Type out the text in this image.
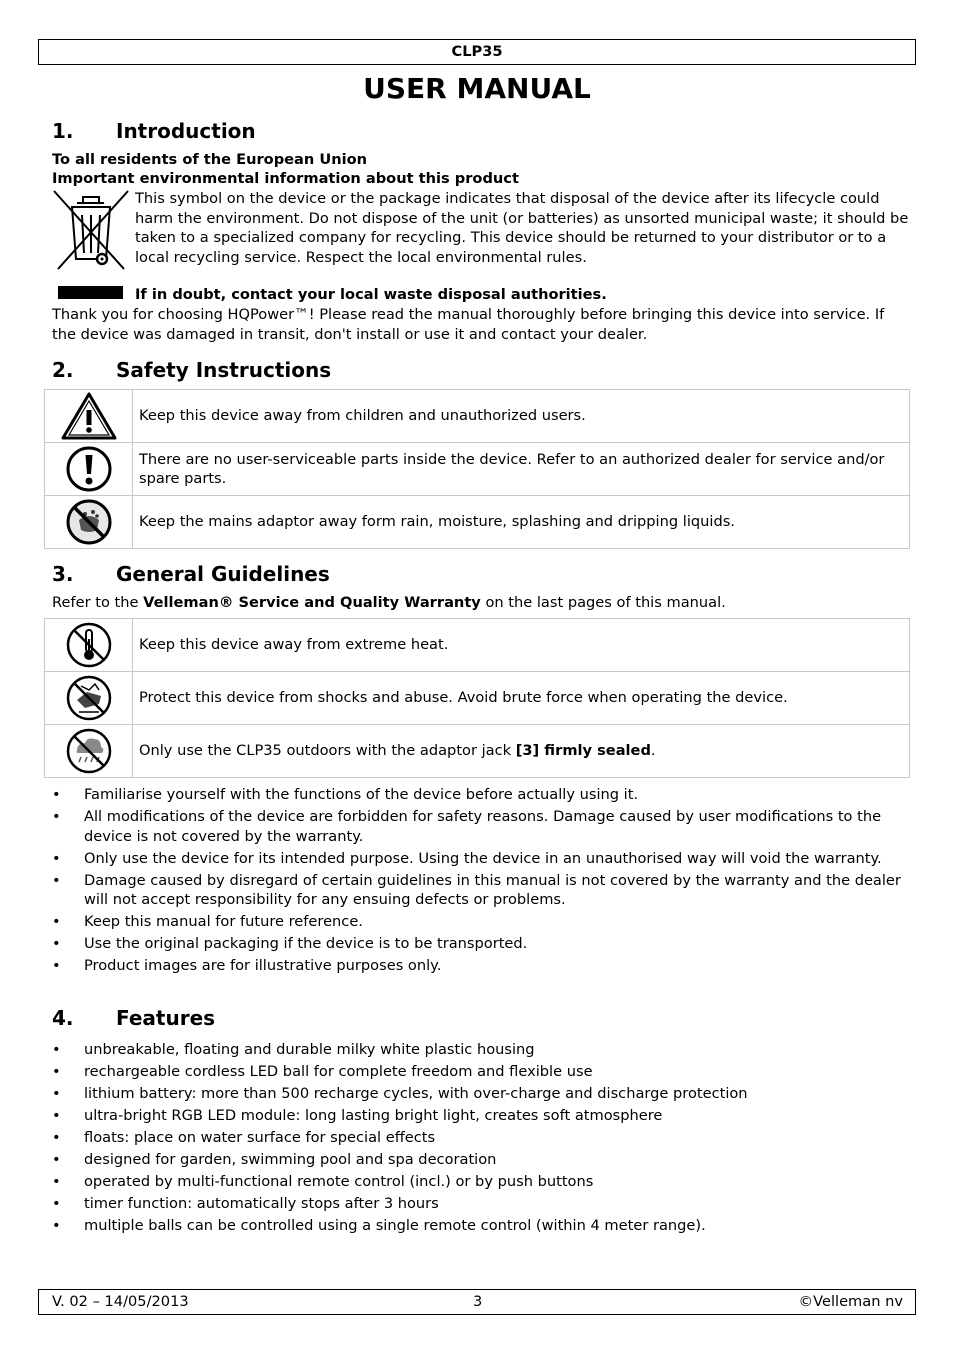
CLP35
USER MANUAL
1. Introduction
To all residents of the European Union
Important environmental information about this product
This symbol on the device or the package indicates that disposal of the device after its lifecycle could harm the environment. Do not dispose of the unit (or batteries) as unsorted municipal waste; it should be taken to a specialized company for recycling. This device should be returned to your distributor or to a local recycling service. Respect the local environmental rules.
If in doubt, contact your local waste disposal authorities.
Thank you for choosing HQPower™! Please read the manual thoroughly before bringing this device into service. If the device was damaged in transit, don't install or use it and contact your dealer.
2. Safety Instructions
	Keep this device away from children and unauthorized users.

	There are no user-serviceable parts inside the device. Refer to an authorized dealer for service and/or spare parts.

	Keep the mains adaptor away form rain, moisture, splashing and dripping liquids.
3. General Guidelines
Refer to the Velleman® Service and Quality Warranty on the last pages of this manual.
	Keep this device away from extreme heat.

	Protect this device from shocks and abuse. Avoid brute force when operating the device.

	Only use the CLP35 outdoors with the adaptor jack [3] firmly sealed.
• Familiarise yourself with the functions of the device before actually using it.
• All modifications of the device are forbidden for safety reasons. Damage caused by user modifications to the device is not covered by the warranty.
• Only use the device for its intended purpose. Using the device in an unauthorised way will void the warranty.
• Damage caused by disregard of certain guidelines in this manual is not covered by the warranty and the dealer will not accept responsibility for any ensuing defects or problems.
• Keep this manual for future reference.
• Use the original packaging if the device is to be transported.
• Product images are for illustrative purposes only.
4. Features
• unbreakable, floating and durable milky white plastic housing
• rechargeable cordless LED ball for complete freedom and flexible use
• lithium battery: more than 500 recharge cycles, with over-charge and discharge protection
• ultra-bright RGB LED module: long lasting bright light, creates soft atmosphere
• floats: place on water surface for special effects
• designed for garden, swimming pool and spa decoration
• operated by multi-functional remote control (incl.) or by push buttons
• timer function: automatically stops after 3 hours
• multiple balls can be controlled using a single remote control (within 4 meter range).
V. 02 – 14/05/2013	3	©Velleman nv
